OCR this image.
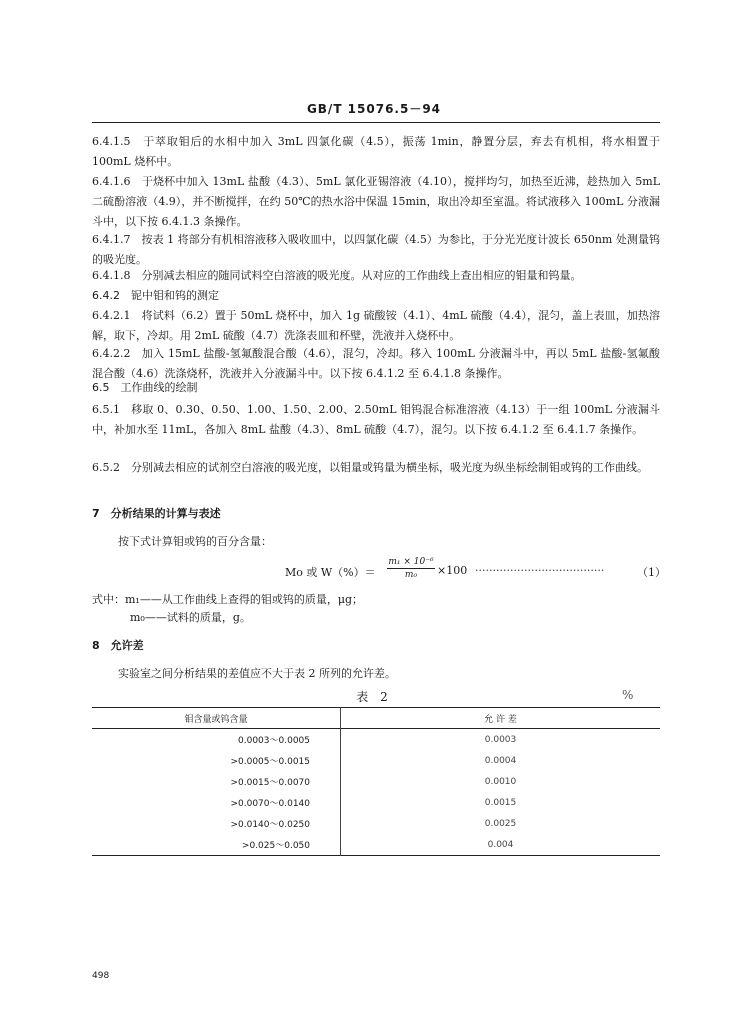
GB/T 15076.5－94
6.4.1.5　于萃取钼后的水相中加入 3mL 四氯化碳（4.5），振荡 1min，静置分层，弃去有机相，将水相置于 100mL 烧杯中。
6.4.1.6　于烧杯中加入 13mL 盐酸（4.3）、5mL 氯化亚锡溶液（4.10），搅拌均匀，加热至近沸，趁热加入 5mL 二硫酚溶液（4.9），并不断搅拌，在约 50℃的热水浴中保温 15min，取出冷却至室温。将试液移入 100mL 分液漏斗中，以下按 6.4.1.3 条操作。
6.4.1.7　按表 1 将部分有机相溶液移入吸收皿中，以四氯化碳（4.5）为参比，于分光光度计波长 650nm 处测量钨的吸光度。
6.4.1.8　分别减去相应的随同试料空白溶液的吸光度。从对应的工作曲线上查出相应的钼量和钨量。
6.4.2　铌中钼和钨的测定
6.4.2.1　将试料（6.2）置于 50mL 烧杯中，加入 1g 硫酸铵（4.1）、4mL 硫酸（4.4），混匀，盖上表皿，加热溶解，取下，冷却。用 2mL 硫酸（4.7）洗涤表皿和杯壁，洗液并入烧杯中。
6.4.2.2　加入 15mL 盐酸-氢氟酸混合酸（4.6），混匀，冷却。移入 100mL 分液漏斗中，再以 5mL 盐酸-氢氟酸混合酸（4.6）洗涤烧杯，洗液并入分液漏斗中。以下按 6.4.1.2 至 6.4.1.8 条操作。
6.5　工作曲线的绘制
6.5.1　移取 0、0.30、0.50、1.00、1.50、2.00、2.50mL 钼钨混合标准溶液（4.13）于一组 100mL 分液漏斗中，补加水至 11mL，各加入 8mL 盐酸（4.3）、8mL 硫酸（4.7），混匀。以下按 6.4.1.2 至 6.4.1.7 条操作。
6.5.2　分别减去相应的试剂空白溶液的吸光度，以钼量或钨量为横坐标，吸光度为纵坐标绘制钼或钨的工作曲线。
7　分析结果的计算与表述
按下式计算钼或钨的百分含量：
Mo 或 $W(\%)= \frac{\text{m₁ × 10⁻⁶}}{\text{m₀}} \times 100$ ·····································	（1）
式中：m₁——从工作曲线上查得的钼或钨的质量，μg；
m₀——试料的质量，g。
8　允许差
实验室之间分析结果的差值应不大于表 2 所列的允许差。
表 2	%
钼含量或钨含量	允 许 差
0.0003～0.0005	0.0003
>0.0005～0.0015	0.0004
>0.0015～0.0070	0.0010
>0.0070～0.0140	0.0015
>0.0140～0.0250	0.0025
>0.025～0.050	0.004
498
